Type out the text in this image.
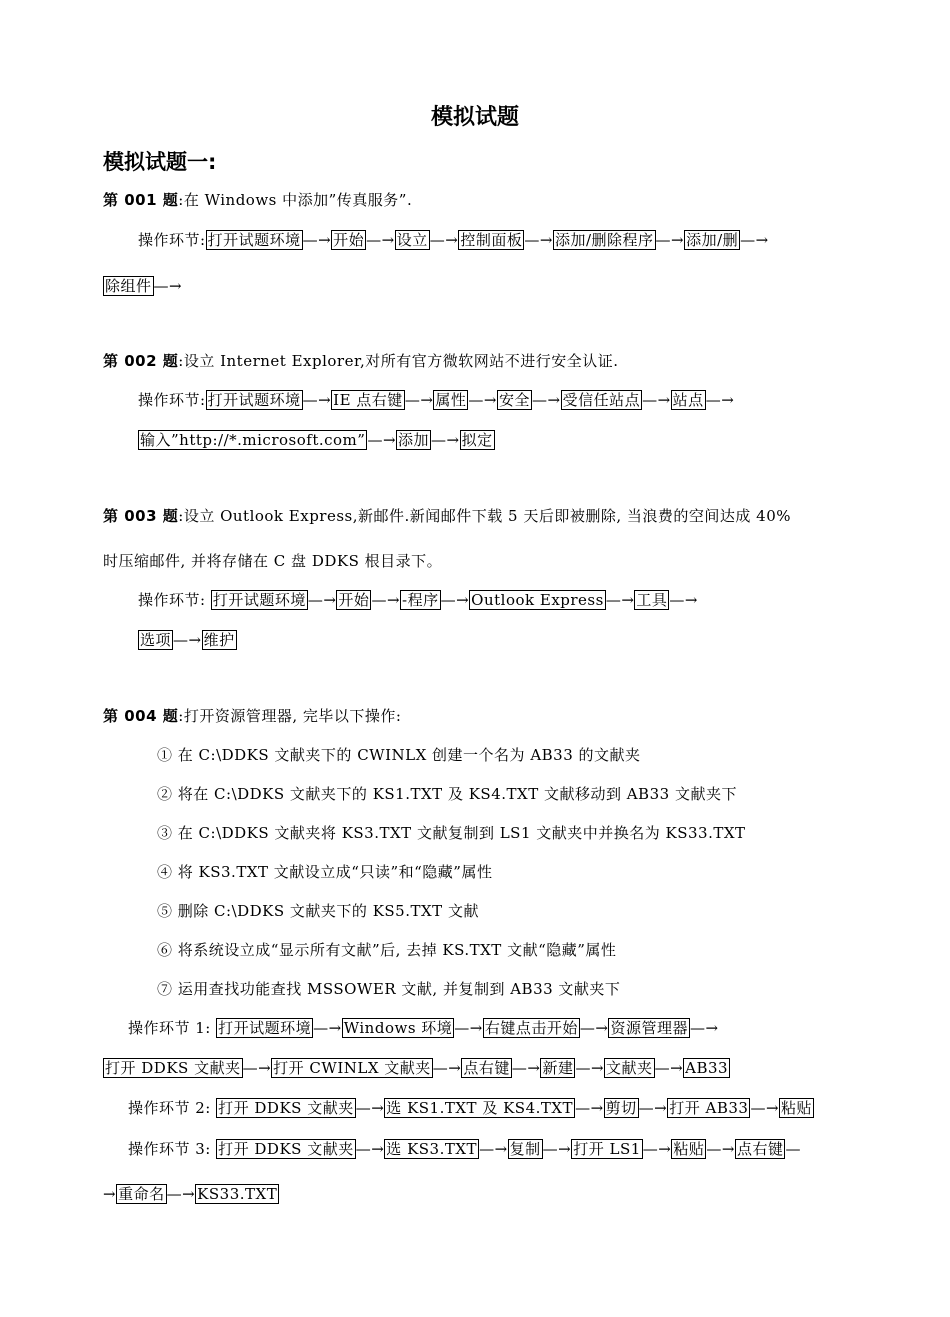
模拟试题
模拟试题一:
第 001 题:在 Windows 中添加”传真服务”.
操作环节: 打开试题环境 —→ 开始 —→ 设立 —→ 控制面板 —→ 添加/删除程序 —→ 添加/删 —→
除组件 —→
第 002 题:设立 Internet Explorer,对所有官方微软网站不进行安全认证.
操作环节: 打开试题环境 —→ IE 点右键 —→ 属性 —→ 安全 —→ 受信任站点 —→ 站点 —→
输入”http://*.microsoft.com” —→ 添加 —→ 拟定
第 003 题:设立 Outlook Express,新邮件.新闻邮件下载 5 天后即被删除, 当浪费的空间达成 40%
时压缩邮件, 并将存储在 C 盘 DDKS 根目录下。
操作环节: 打开试题环境 —→ 开始 —→ -程序 —→ Outlook Express —→ 工具 —→
选项 —→ 维护
第 004 题:打开资源管理器, 完毕以下操作:
① 在 C:\DDKS 文献夹下的 CWINLX 创建一个名为 AB33 的文献夹
② 将在 C:\DDKS 文献夹下的 KS1.TXT 及 KS4.TXT 文献移动到 AB33 文献夹下
③ 在 C:\DDKS 文献夹将 KS3.TXT 文献复制到 LS1 文献夹中并换名为 KS33.TXT
④ 将 KS3.TXT 文献设立成“只读”和“隐藏”属性
⑤ 删除 C:\DDKS 文献夹下的 KS5.TXT 文献
⑥ 将系统设立成“显示所有文献”后, 去掉 KS.TXT 文献“隐藏”属性
⑦ 运用查找功能查找 MSSOWER 文献, 并复制到 AB33 文献夹下
操作环节 1: 打开试题环境 —→ Windows 环境 —→ 右键点击开始 —→ 资源管理器 —→
打开 DDKS 文献夹 —→ 打开 CWINLX 文献夹 —→ 点右键 —→ 新建 —→ 文献夹 —→ AB33
操作环节 2: 打开 DDKS 文献夹 —→ 选 KS1.TXT 及 KS4.TXT —→ 剪切 —→ 打开 AB33 —→ 粘贴
操作环节 3: 打开 DDKS 文献夹 —→ 选 KS3.TXT —→ 复制 —→ 打开 LS1 —→ 粘贴 —→ 点右键 —
→ 重命名 —→ KS33.TXT
